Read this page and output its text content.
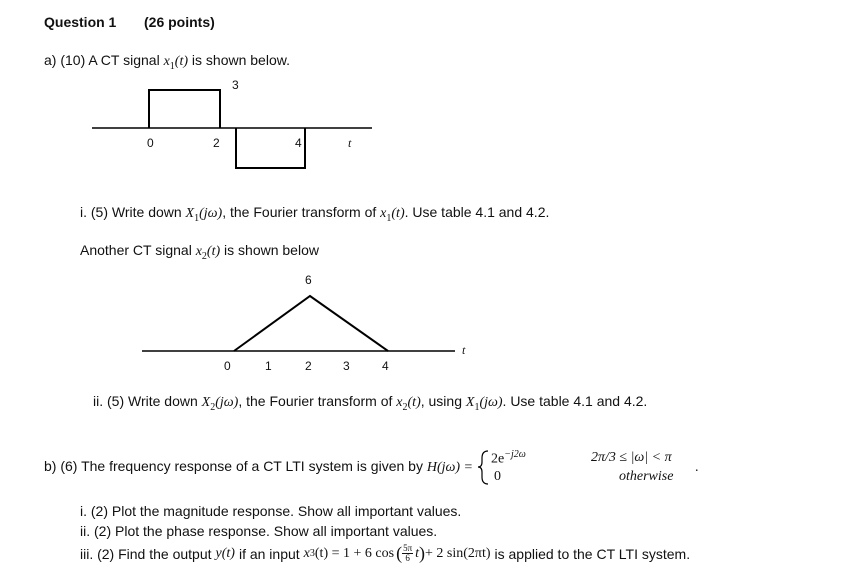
Question 1 (26 points)
a) (10) A CT signal $x_1(t)$ is shown below.
3
0	2	4	t
i. (5) Write down $X_1(j\omega)$, the Fourier transform of $x_1(t)$. Use table 4.1 and 4.2.
Another CT signal $x_2(t)$ is shown below
6
0	1	2	3	4
t
ii. (5) Write down $X_2(j\omega)$, the Fourier transform of $x_2(t)$, using $X_1(j\omega)$. Use table 4.1 and 4.2.
b) (6) The frequency response of a CT LTI system is given by H(jω) =
$2e^{-j2\omega}$
0
2π/3 ≤ |ω| < π
otherwise
.
i. (2) Plot the magnitude response. Show all important values.
ii. (2) Plot the phase response. Show all important values.
iii. (2) Find the output y(t) if an input x 3 (t) = 1 + 6 cos ( $\frac{5\pi}{6}$ t ) + 2 sin(2πt) is applied to the CT LTI system.
